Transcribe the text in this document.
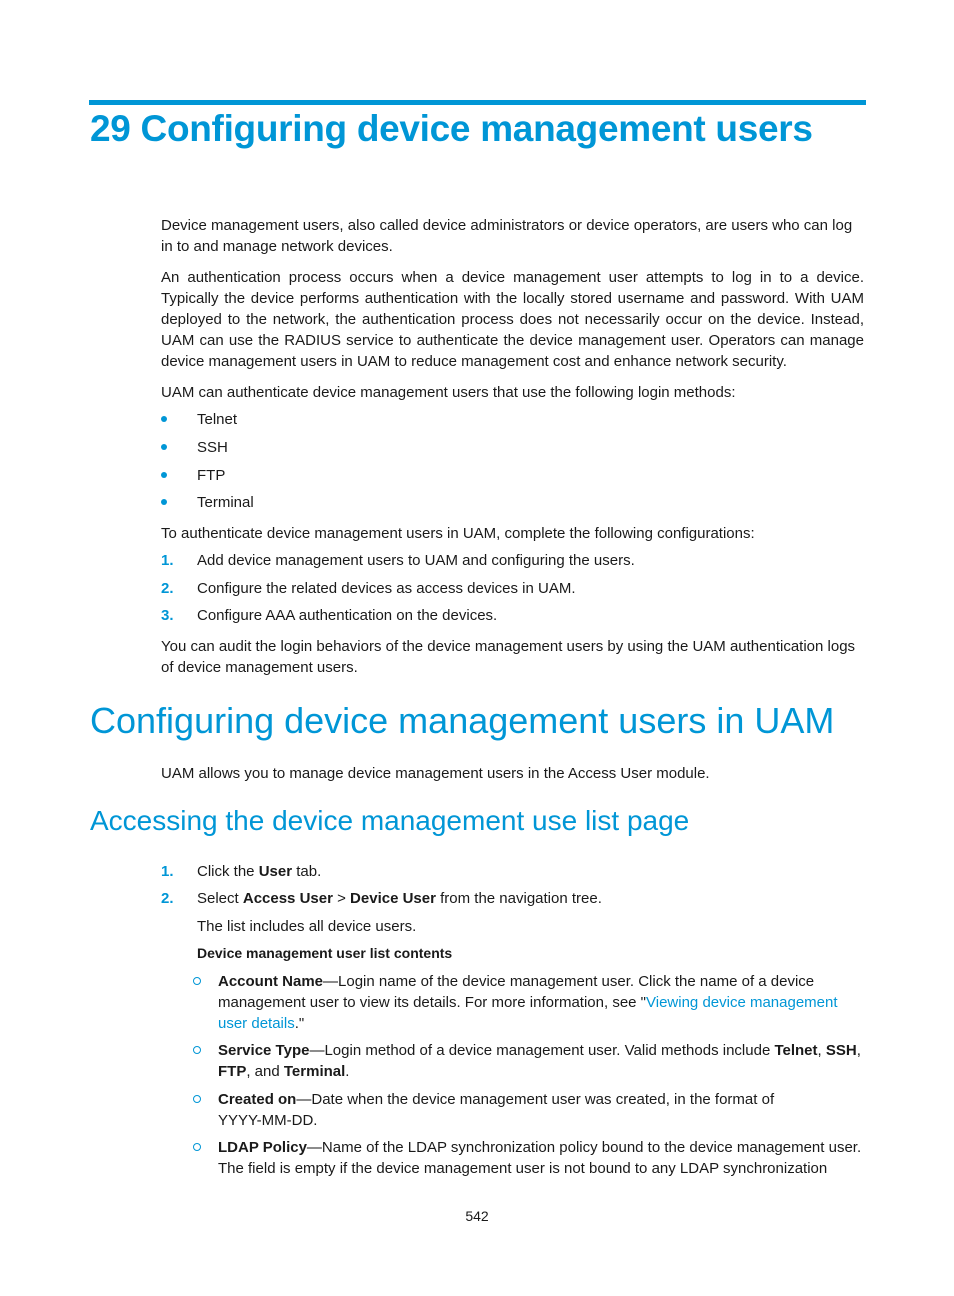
29 Configuring device management users

Device management users, also called device administrators or device operators, are users who can log in to and manage network devices.

An authentication process occurs when a device management user attempts to log in to a device. Typically the device performs authentication with the locally stored username and password. With UAM deployed to the network, the authentication process does not necessarily occur on the device. Instead, UAM can use the RADIUS service to authenticate the device management user. Operators can manage device management users in UAM to reduce management cost and enhance network security.

UAM can authenticate device management users that use the following login methods:

Telnet
SSH
FTP
Terminal

To authenticate device management users in UAM, complete the following configurations:

1. Add device management users to UAM and configuring the users.
2. Configure the related devices as access devices in UAM.
3. Configure AAA authentication on the devices.

You can audit the login behaviors of the device management users by using the UAM authentication logs of device management users.

Configuring device management users in UAM

UAM allows you to manage device management users in the Access User module.

Accessing the device management use list page
1. Click the User tab.
2. Select Access User > Device User from the navigation tree.

The list includes all device users.

Device management user list contents

Account Name—Login name of the device management user. Click the name of a device management user to view its details. For more information, see "Viewing device management user details."
Service Type—Login method of a device management user. Valid methods include Telnet, SSH, FTP, and Terminal.
Created on—Date when the device management user was created, in the format of YYYY-MM-DD.
LDAP Policy—Name of the LDAP synchronization policy bound to the device management user. The field is empty if the device management user is not bound to any LDAP synchronization
542
